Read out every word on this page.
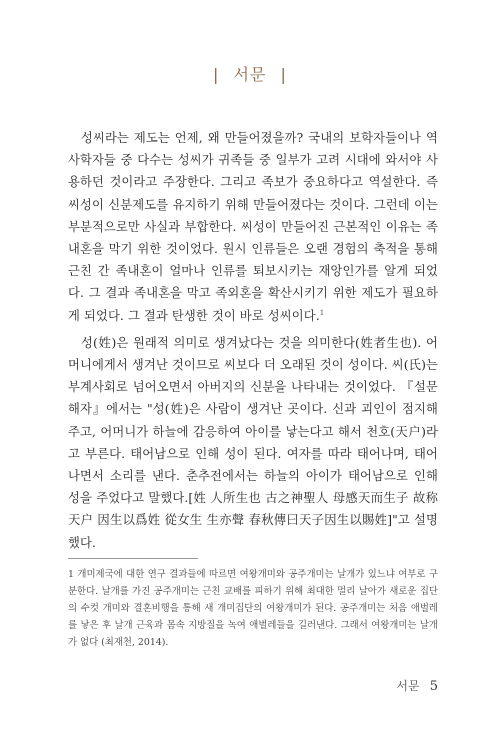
| 서문 |

성씨라는 제도는 언제, 왜 만들어졌을까? 국내의 보학자들이나 역사학자들 중 다수는 성씨가 귀족들 중 일부가 고려 시대에 와서야 사용하던 것이라고 주장한다. 그리고 족보가 중요하다고 역설한다. 즉 씨성이 신분제도를 유지하기 위해 만들어졌다는 것이다. 그런데 이는 부분적으로만 사실과 부합한다. 씨성이 만들어진 근본적인 이유는 족내혼을 막기 위한 것이었다. 원시 인류들은 오랜 경험의 축적을 통해 근친 간 족내혼이 얼마나 인류를 퇴보시키는 재앙인가를 알게 되었다. 그 결과 족내혼을 막고 족외혼을 확산시키기 위한 제도가 필요하게 되었다. 그 결과 탄생한 것이 바로 성씨이다.$^1$

성(姓)은 원래적 의미로 생겨났다는 것을 의미한다(姓者生也). 어머니에게서 생겨난 것이므로 씨보다 더 오래된 것이 성이다. 씨(氏)는 부계사회로 넘어오면서 아버지의 신분을 나타내는 것이었다. 『설문해자』에서는 "성(姓)은 사람이 생겨난 곳이다. 신과 괴인이 점지해주고, 어머니가 하늘에 감응하여 아이를 낳는다고 해서 천호(天户)라고 부른다. 태어남으로 인해 성이 된다. 여자를 따라 태어나며, 태어나면서 소리를 낸다. 춘추전에서는 하늘의 아이가 태어남으로 인해 성을 주었다고 말했다.[姓 人所生也 古之神聖人 母感天而生子 故称天户 因生以爲姓 從女生 生亦聲 春秋傳曰天子因生以賜姓]"고 설명했다.

1 개미제국에 대한 연구 결과들에 따르면 여왕개미와 공주개미는 날개가 있느냐 여부로 구분한다. 날개를 가진 공주개미는 근친 교배를 피하기 위해 최대한 멀리 날아가 새로운 집단의 수컷 개미와 결혼비행을 통해 새 개미집단의 여왕개미가 된다. 공주개미는 처음 애벌레를 낳은 후 날개 근육과 몸속 지방질을 녹여 애벌레들을 길러낸다. 그래서 여왕개미는 날개가 없다 (최재천, 2014).
서문 5
